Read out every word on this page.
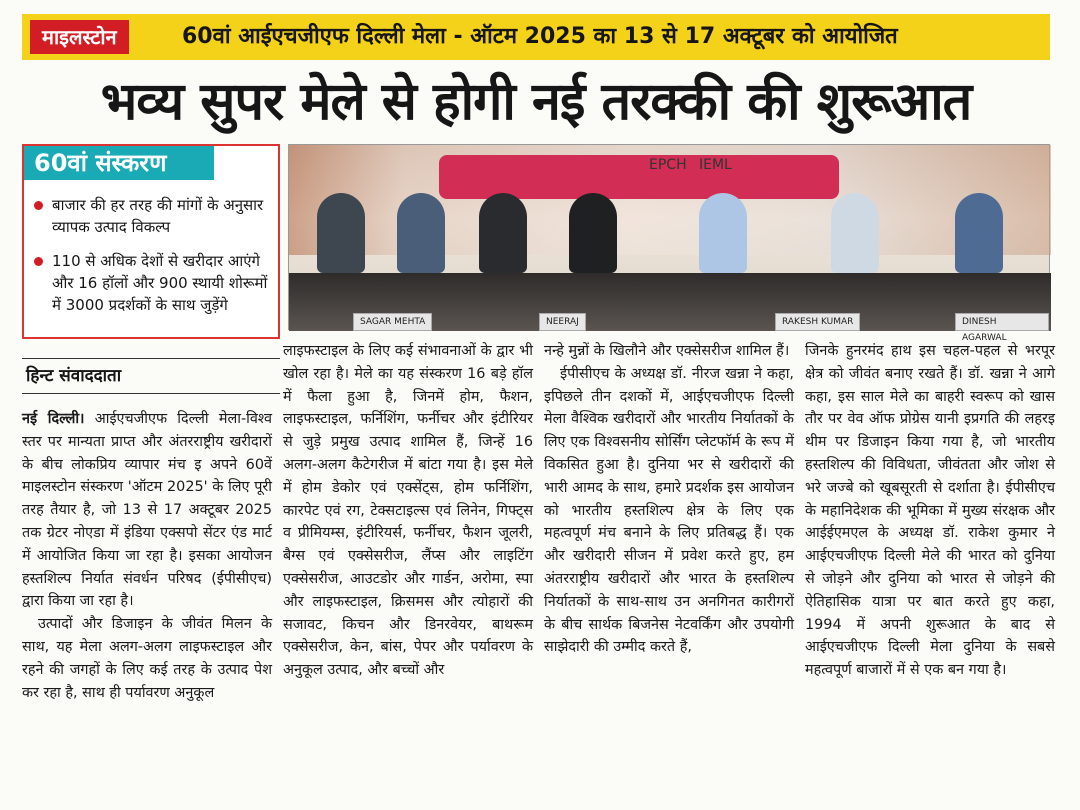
माइलस्टोन	60वां आईएचजीएफ दिल्ली मेला - ऑटम 2025 का 13 से 17 अक्टूबर को आयोजित
भव्य सुपर मेले से होगी नई तरक्की की शुरूआत
60वां संस्करण
बाजार की हर तरह की मांगों के अनुसार व्यापक उत्पाद विकल्प
110 से अधिक देशों से खरीदार आएंगे और 16 हॉलों और 900 स्थायी शोरूमों में 3000 प्रदर्शकों के साथ जुड़ेंगे
EPCH IEML
SAGAR MEHTA	NEERAJ	RAKESH KUMAR	DINESH AGARWAL
हिन्ट संवाददाता

नई दिल्ली। आईएचजीएफ दिल्ली मेला-विश्व स्तर पर मान्यता प्राप्त और अंतरराष्ट्रीय खरीदारों के बीच लोकप्रिय व्यापार मंच इ अपने 60वें माइलस्टोन संस्करण 'ऑटम 2025' के लिए पूरी तरह तैयार है, जो 13 से 17 अक्टूबर 2025 तक ग्रेटर नोएडा में इंडिया एक्सपो सेंटर एंड मार्ट में आयोजित किया जा रहा है। इसका आयोजन हस्तशिल्प निर्यात संवर्धन परिषद (ईपीसीएच) द्वारा किया जा रहा है।

उत्पादों और डिजाइन के जीवंत मिलन के साथ, यह मेला अलग-अलग लाइफस्टाइल और रहने की जगहों के लिए कई तरह के उत्पाद पेश कर रहा है, साथ ही पर्यावरण अनुकूल

लाइफस्टाइल के लिए कई संभावनाओं के द्वार भी खोल रहा है। मेले का यह संस्करण 16 बड़े हॉल में फैला हुआ है, जिनमें होम, फैशन, लाइफस्टाइल, फर्निशिंग, फर्नीचर और इंटीरियर से जुड़े प्रमुख उत्पाद शामिल हैं, जिन्हें 16 अलग-अलग कैटेगरीज में बांटा गया है। इस मेले में होम डेकोर एवं एक्सेंट्स, होम फर्निशिंग, कारपेट एवं रग, टेक्सटाइल्स एवं लिनेन, गिफ्ट्स व प्रीमियम्स, इंटीरियर्स, फर्नीचर, फैशन जूलरी, बैग्स एवं एक्सेसरीज, लैंप्स और लाइटिंग एक्सेसरीज, आउटडोर और गार्डन, अरोमा, स्पा और लाइफस्टाइल, क्रिसमस और त्योहारों की सजावट, किचन और डिनरवेयर, बाथरूम एक्सेसरीज, केन, बांस, पेपर और पर्यावरण के अनुकूल उत्पाद, और बच्चों और

नन्हे मुन्नों के खिलौने और एक्सेसरीज शामिल हैं।

ईपीसीएच के अध्यक्ष डॉ. नीरज खन्ना ने कहा, इपिछले तीन दशकों में, आईएचजीएफ दिल्ली मेला वैश्विक खरीदारों और भारतीय निर्यातकों के लिए एक विश्वसनीय सोर्सिंग प्लेटफॉर्म के रूप में विकसित हुआ है। दुनिया भर से खरीदारों की भारी आमद के साथ, हमारे प्रदर्शक इस आयोजन को भारतीय हस्तशिल्प क्षेत्र के लिए एक महत्वपूर्ण मंच बनाने के लिए प्रतिबद्ध हैं। एक और खरीदारी सीजन में प्रवेश करते हुए, हम अंतरराष्ट्रीय खरीदारों और भारत के हस्तशिल्प निर्यातकों के साथ-साथ उन अनगिनत कारीगरों के बीच सार्थक बिजनेस नेटवर्किंग और उपयोगी साझेदारी की उम्मीद करते हैं,

जिनके हुनरमंद हाथ इस चहल-पहल से भरपूर क्षेत्र को जीवंत बनाए रखते हैं। डॉ. खन्ना ने आगे कहा, इस साल मेले का बाहरी स्वरूप को खास तौर पर वेव ऑफ प्रोग्रेस यानी इप्रगति की लहरइ थीम पर डिजाइन किया गया है, जो भारतीय हस्तशिल्प की विविधता, जीवंतता और जोश से भरे जज्बे को खूबसूरती से दर्शाता है। ईपीसीएच के महानिदेशक की भूमिका में मुख्य संरक्षक और आईईएमएल के अध्यक्ष डॉ. राकेश कुमार ने आईएचजीएफ दिल्ली मेले की भारत को दुनिया से जोड़ने और दुनिया को भारत से जोड़ने की ऐतिहासिक यात्रा पर बात करते हुए कहा, 1994 में अपनी शुरूआत के बाद से आईएचजीएफ दिल्ली मेला दुनिया के सबसे महत्वपूर्ण बाजारों में से एक बन गया है।
